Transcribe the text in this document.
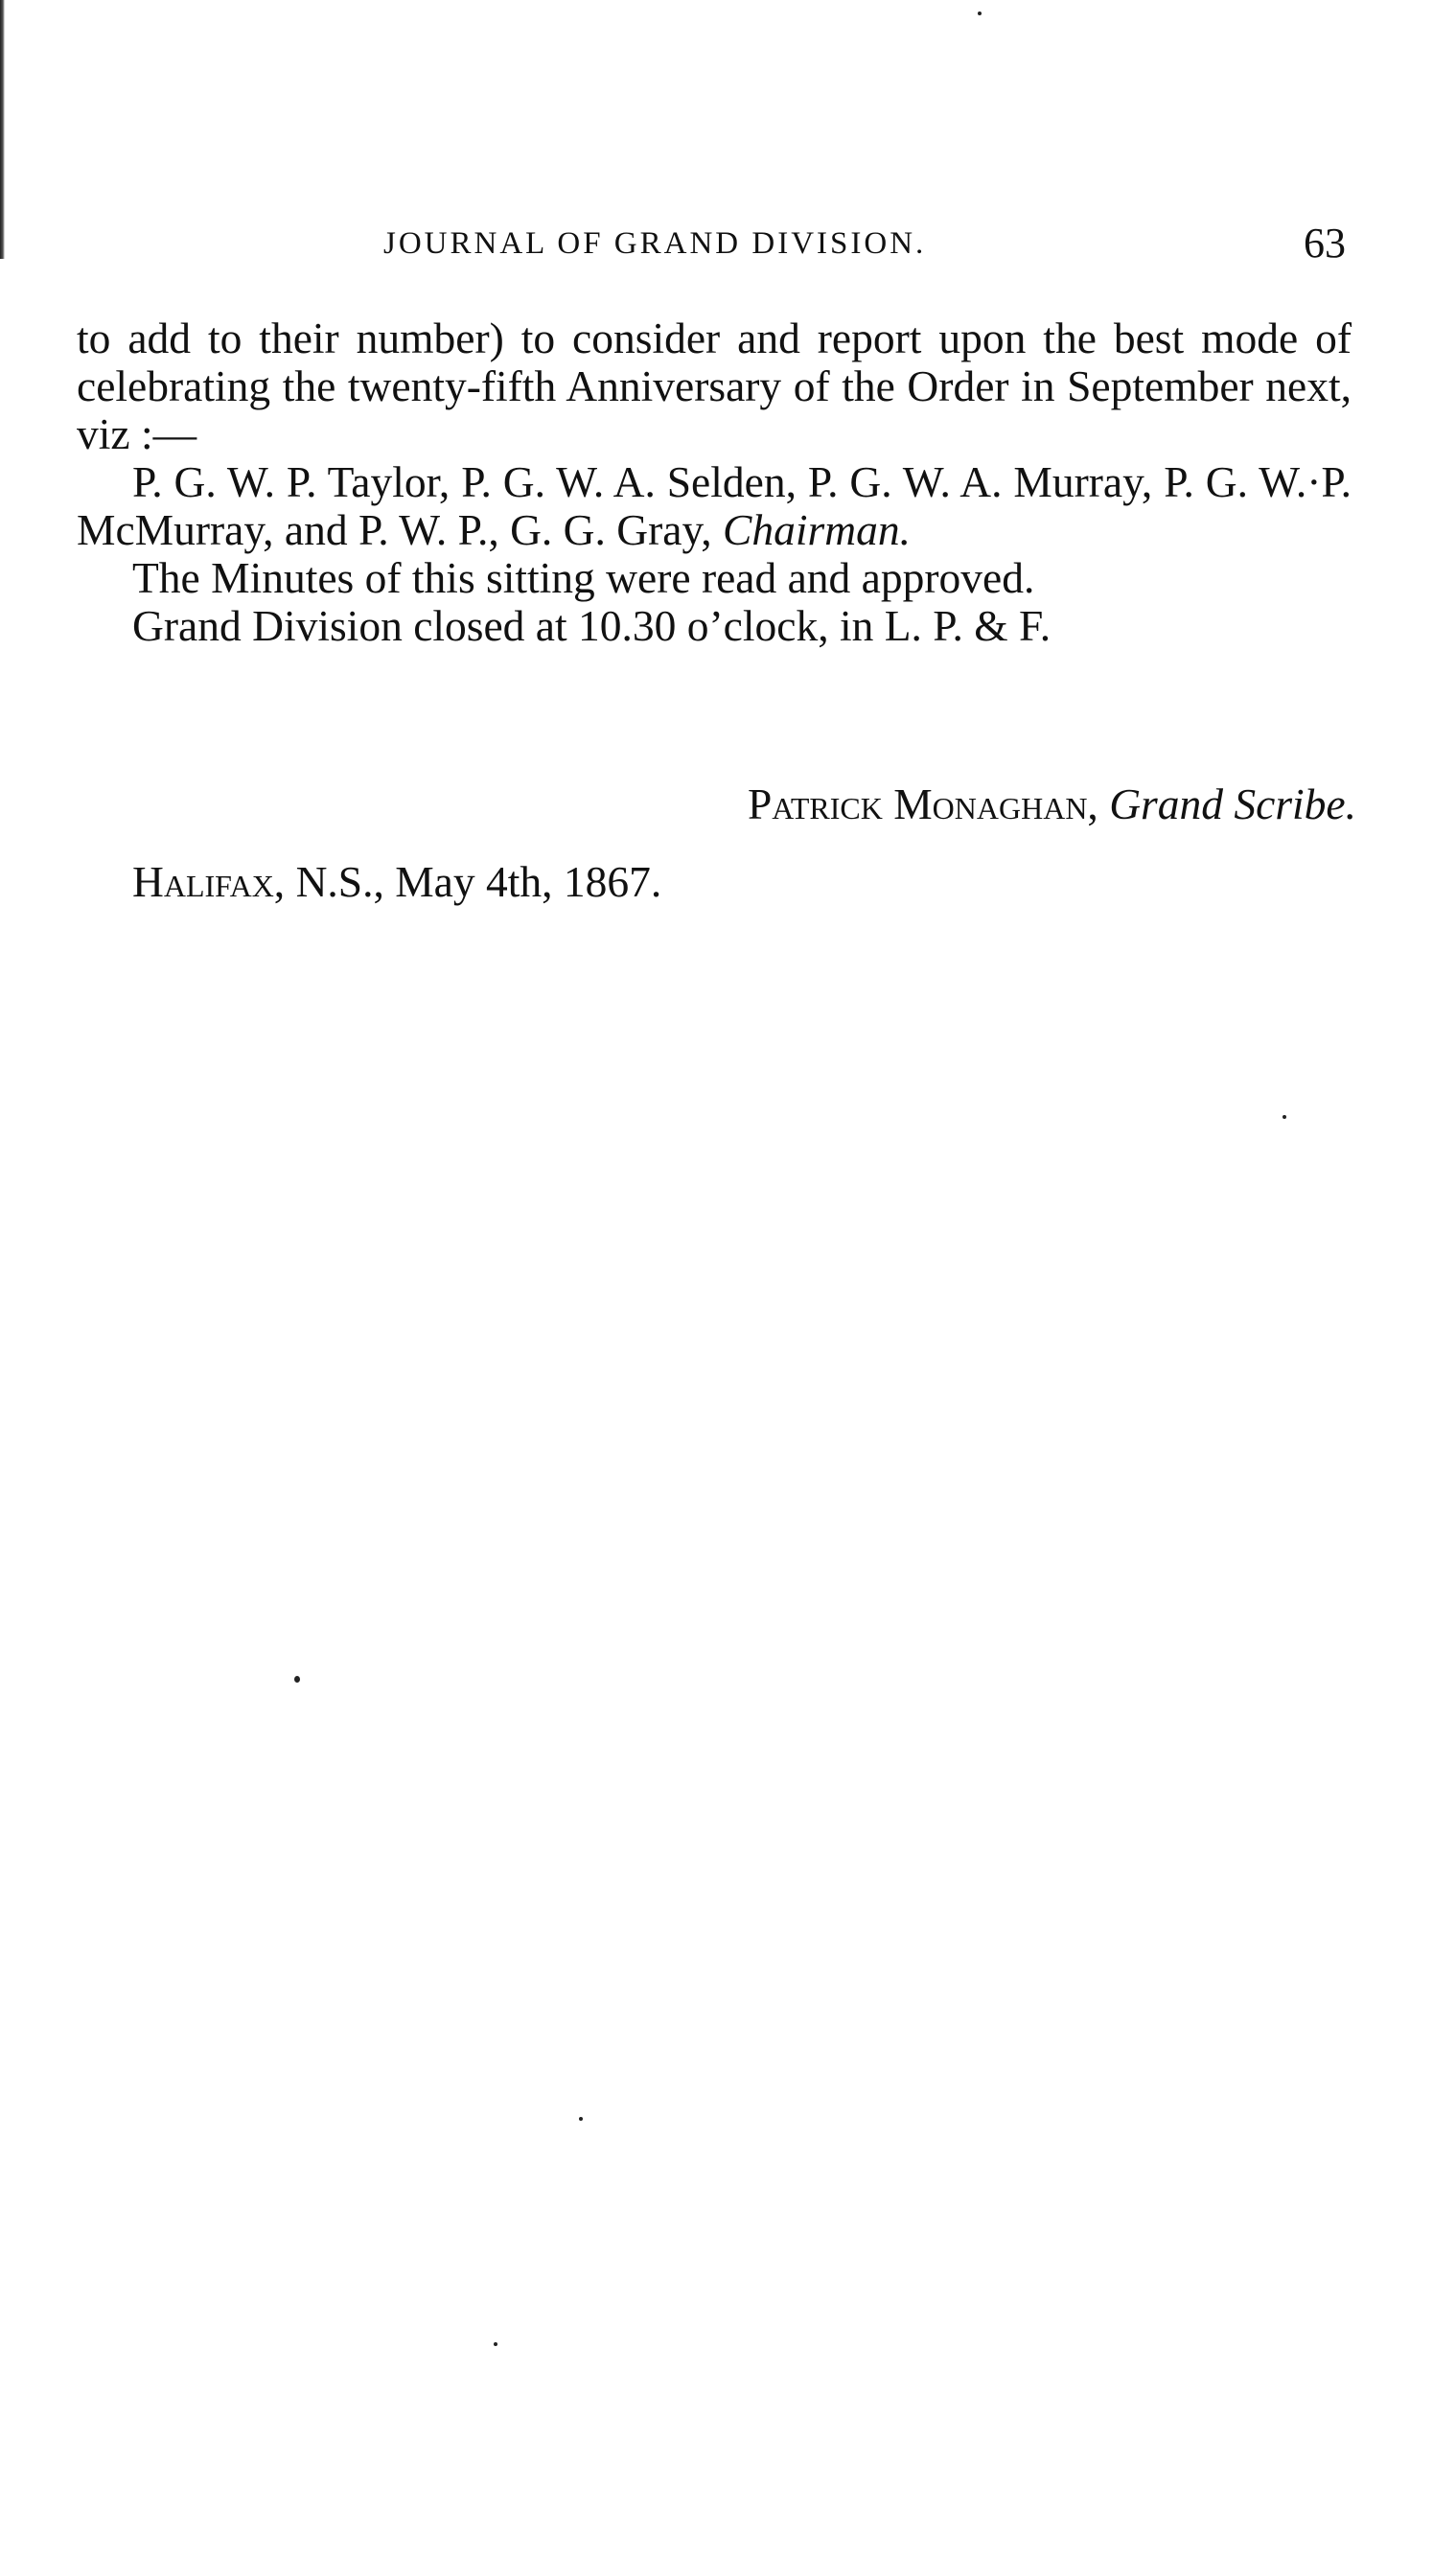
JOURNAL OF GRAND DIVISION.	63

to add to their number) to consider and report upon the best mode of celebrating the twenty-fifth Anniversary of the Order in September next, viz :—

P. G. W. P. Taylor, P. G. W. A. Selden, P. G. W. A. Murray, P. G. W.·P. McMurray, and P. W. P., G. G. Gray, Chairman.

The Minutes of this sitting were read and approved.

Grand Division closed at 10.30 o’clock, in L. P. & F.

Patrick Monaghan, Grand Scribe.
Halifax, N.S., May 4th, 1867.
